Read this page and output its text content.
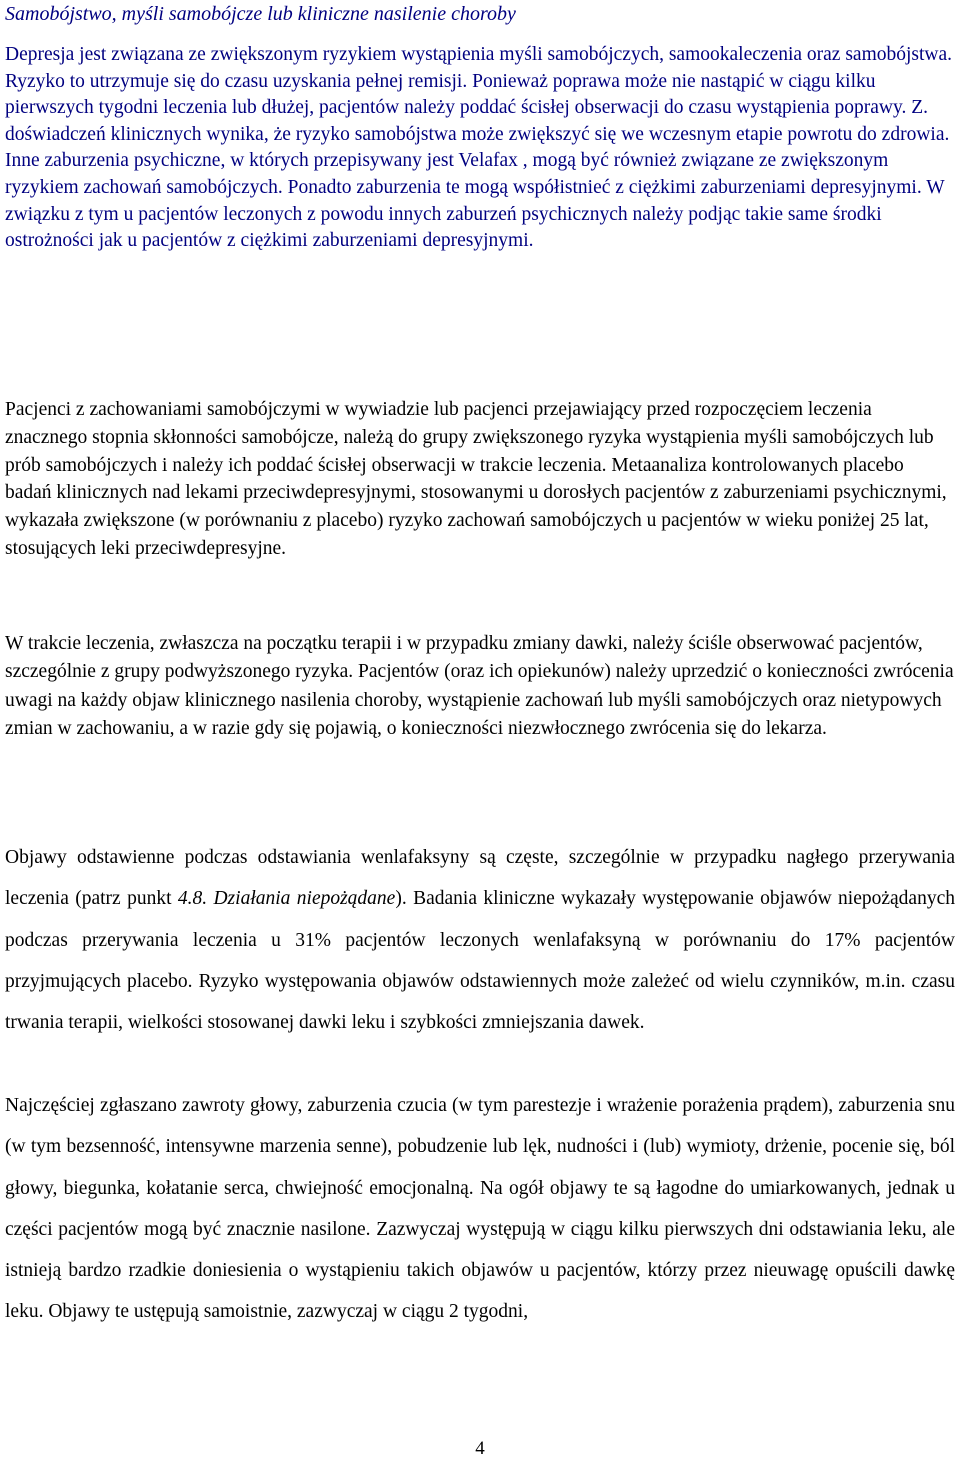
Samobójstwo, myśli samobójcze lub kliniczne nasilenie choroby

Depresja jest związana ze zwiększonym ryzykiem wystąpienia myśli samobójczych, samookaleczenia oraz samobójstwa. Ryzyko to utrzymuje się do czasu uzyskania pełnej remisji. Ponieważ poprawa może nie nastąpić w ciągu kilku pierwszych tygodni leczenia lub dłużej, pacjentów należy poddać ścisłej obserwacji do czasu wystąpienia poprawy. Z. doświadczeń klinicznych wynika, że ryzyko samobójstwa może zwiększyć się we wczesnym etapie powrotu do zdrowia.
Inne zaburzenia psychiczne, w których przepisywany jest Velafax , mogą być również związane ze zwiększonym ryzykiem zachowań samobójczych. Ponadto zaburzenia te mogą współistnieć z ciężkimi zaburzeniami depresyjnymi. W związku z tym u pacjentów leczonych z powodu innych zaburzeń psychicznych należy podjąc takie same środki ostrożności jak u pacjentów z ciężkimi zaburzeniami depresyjnymi.

Pacjenci z zachowaniami samobójczymi w wywiadzie lub pacjenci przejawiający przed rozpoczęciem leczenia znacznego stopnia skłonności samobójcze, należą do grupy zwiększonego ryzyka wystąpienia myśli samobójczych lub prób samobójczych i należy ich poddać ścisłej obserwacji w trakcie leczenia. Metaanaliza kontrolowanych placebo badań klinicznych nad lekami przeciwdepresyjnymi, stosowanymi u dorosłych pacjentów z zaburzeniami psychicznymi, wykazała zwiększone (w porównaniu z placebo) ryzyko zachowań samobójczych u pacjentów w wieku poniżej 25 lat, stosujących leki przeciwdepresyjne.

W trakcie leczenia, zwłaszcza na początku terapii i w przypadku zmiany dawki, należy ściśle obserwować pacjentów, szczególnie z grupy podwyższonego ryzyka. Pacjentów (oraz ich opiekunów) należy uprzedzić o konieczności zwrócenia uwagi na każdy objaw klinicznego nasilenia choroby, wystąpienie zachowań lub myśli samobójczych oraz nietypowych zmian w zachowaniu, a w razie gdy się pojawią, o konieczności niezwłocznego zwrócenia się do lekarza.

Objawy odstawienne podczas odstawiania wenlafaksyny są częste, szczególnie w przypadku nagłego przerywania leczenia (patrz punkt 4.8. Działania niepożądane). Badania kliniczne wykazały występowanie objawów niepożądanych podczas przerywania leczenia u 31% pacjentów leczonych wenlafaksyną w porównaniu do 17% pacjentów przyjmujących placebo. Ryzyko występowania objawów odstawiennych może zależeć od wielu czynników, m.in. czasu trwania terapii, wielkości stosowanej dawki leku i szybkości zmniejszania dawek.

Najczęściej zgłaszano zawroty głowy, zaburzenia czucia (w tym parestezje i wrażenie porażenia prądem), zaburzenia snu (w tym bezsenność, intensywne marzenia senne), pobudzenie lub lęk, nudności i (lub) wymioty, drżenie, pocenie się, ból głowy, biegunka, kołatanie serca, chwiejność emocjonalną. Na ogół objawy te są łagodne do umiarkowanych, jednak u części pacjentów mogą być znacznie nasilone. Zazwyczaj występują w ciągu kilku pierwszych dni odstawiania leku, ale istnieją bardzo rzadkie doniesienia o wystąpieniu takich objawów u pacjentów, którzy przez nieuwagę opuścili dawkę leku. Objawy te ustępują samoistnie, zazwyczaj w ciągu 2 tygodni,

4
